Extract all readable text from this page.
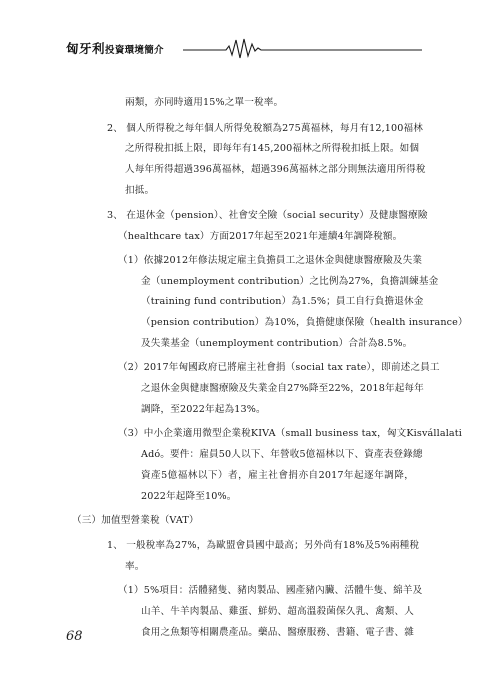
匈牙利投資環境簡介
兩類，亦同時適用15%之單一稅率。
2、 個人所得稅之每年個人所得免稅額為275萬福林，每月有12,100福林
之所得稅扣抵上限，即每年有145,200福林之所得稅扣抵上限。如個
人每年所得超過396萬福林，超過396萬福林之部分則無法適用所得稅
扣抵。
3、 在退休金（pension）、社會安全險（social security）及健康醫療險
（healthcare tax）方面2017年起至2021年連續4年調降稅額。
（1）依據2012年修法規定雇主負擔員工之退休金與健康醫療險及失業
金（unemployment contribution）之比例為27%，負擔訓練基金
（training fund contribution）為1.5%；員工自行負擔退休金
（pension contribution）為10%，負擔健康保險（health insurance）
及失業基金（unemployment contribution）合計為8.5%。
（2）2017年匈國政府已將雇主社會捐（social tax rate），即前述之員工
之退休金與健康醫療險及失業金自27%降至22%，2018年起每年
調降，至2022年起為13%。
（3）中小企業適用微型企業稅KIVA（small business tax，匈文Kisvállalati
Adó。要件：雇員50人以下、年營收5億福林以下、資產表登錄總
資產5億福林以下）者，雇主社會捐亦自2017年起逐年調降，
2022年起降至10%。
（三）加值型營業稅（VAT）
1、 一般稅率為27%，為歐盟會員國中最高；另外尚有18%及5%兩種稅
率。
（1）5%項目：活體豬隻、豬肉製品、國產豬內臟、活體牛隻、綿羊及
山羊、牛羊肉製品、雞蛋、鮮奶、超高溫殺菌保久乳、禽類、人
食用之魚類等相關農產品。藥品、醫療服務、書籍、電子書、雜
68
